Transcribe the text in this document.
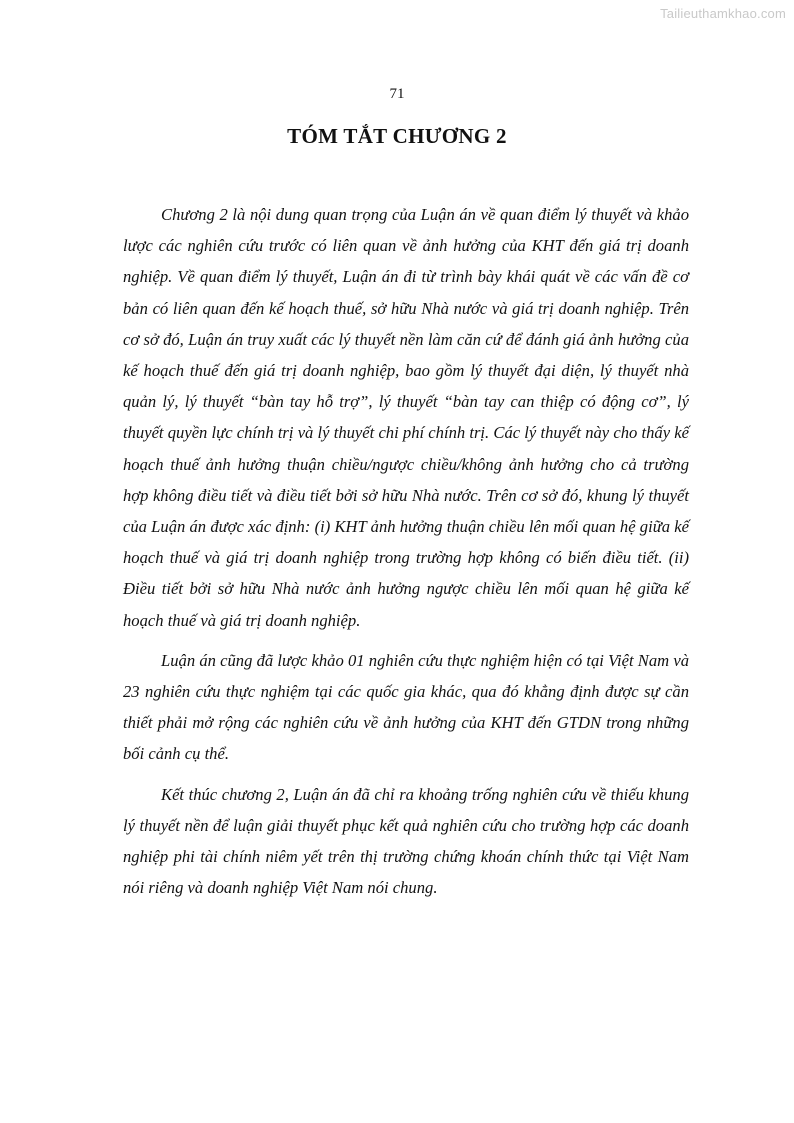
Tailieuthamkhao.com
71
TÓM TẮT CHƯƠNG 2

Chương 2 là nội dung quan trọng của Luận án về quan điểm lý thuyết và khảo lược các nghiên cứu trước có liên quan về ảnh hưởng của KHT đến giá trị doanh nghiệp. Về quan điểm lý thuyết, Luận án đi từ trình bày khái quát về các vấn đề cơ bản có liên quan đến kế hoạch thuế, sở hữu Nhà nước và giá trị doanh nghiệp. Trên cơ sở đó, Luận án truy xuất các lý thuyết nền làm căn cứ để đánh giá ảnh hưởng của kế hoạch thuế đến giá trị doanh nghiệp, bao gồm lý thuyết đại diện, lý thuyết nhà quản lý, lý thuyết “bàn tay hỗ trợ”, lý thuyết “bàn tay can thiệp có động cơ”, lý thuyết quyền lực chính trị và lý thuyết chi phí chính trị. Các lý thuyết này cho thấy kế hoạch thuế ảnh hưởng thuận chiều/ngược chiều/không ảnh hưởng cho cả trường hợp không điều tiết và điều tiết bởi sở hữu Nhà nước. Trên cơ sở đó, khung lý thuyết của Luận án được xác định: (i) KHT ảnh hưởng thuận chiều lên mối quan hệ giữa kế hoạch thuế và giá trị doanh nghiệp trong trường hợp không có biến điều tiết. (ii) Điều tiết bởi sở hữu Nhà nước ảnh hưởng ngược chiều lên mối quan hệ giữa kế hoạch thuế và giá trị doanh nghiệp.

Luận án cũng đã lược khảo 01 nghiên cứu thực nghiệm hiện có tại Việt Nam và 23 nghiên cứu thực nghiệm tại các quốc gia khác, qua đó khẳng định được sự cần thiết phải mở rộng các nghiên cứu về ảnh hưởng của KHT đến GTDN trong những bối cảnh cụ thể.

Kết thúc chương 2, Luận án đã chỉ ra khoảng trống nghiên cứu về thiếu khung lý thuyết nền để luận giải thuyết phục kết quả nghiên cứu cho trường hợp các doanh nghiệp phi tài chính niêm yết trên thị trường chứng khoán chính thức tại Việt Nam nói riêng và doanh nghiệp Việt Nam nói chung.
